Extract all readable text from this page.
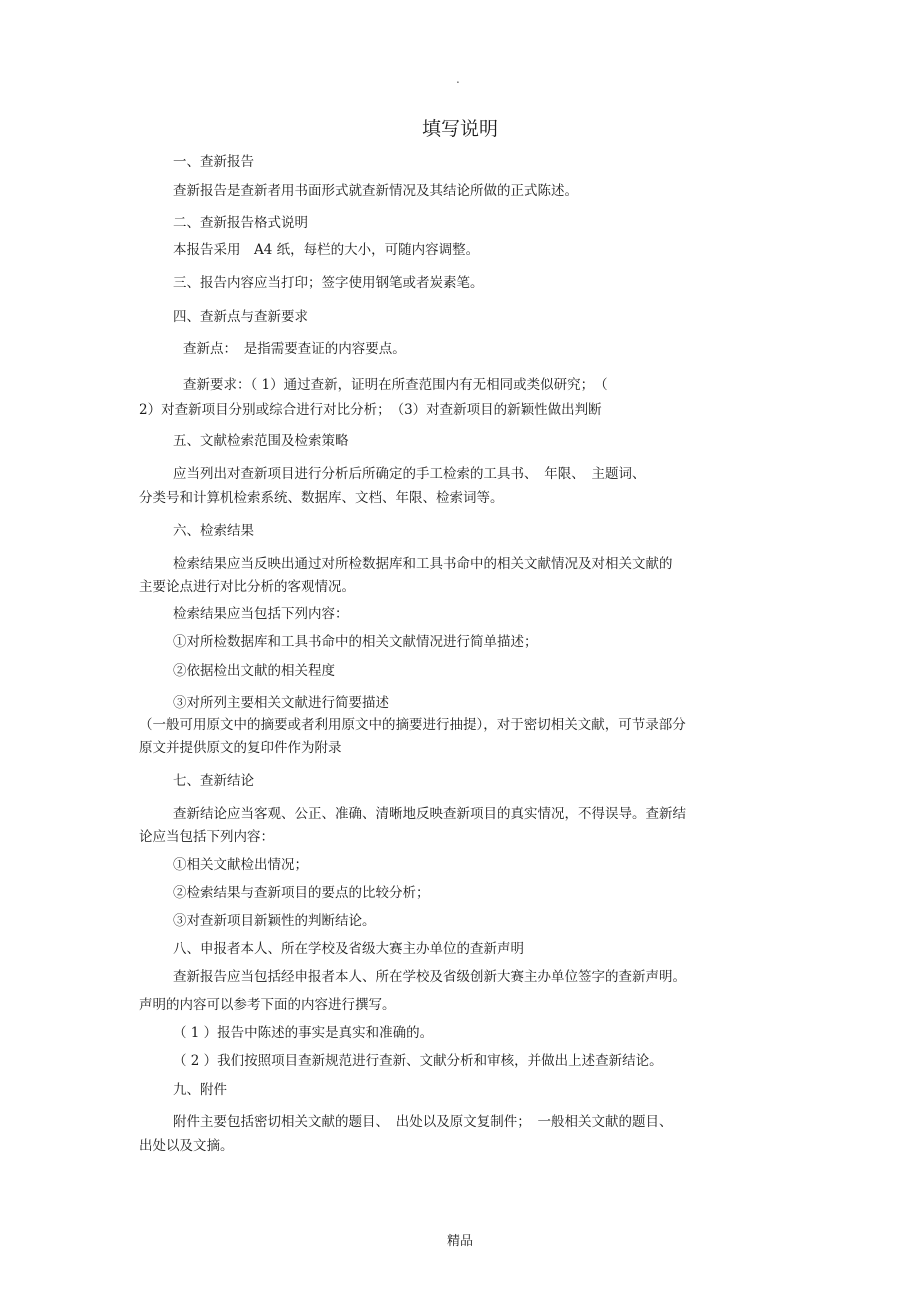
.
填写说明
一、查新报告
查新报告是查新者用书面形式就查新情况及其结论所做的正式陈述。
二、查新报告格式说明
本报告采用　A4 纸，每栏的大小，可随内容调整。
三、报告内容应当打印；签字使用钢笔或者炭素笔。
四、查新点与查新要求
查新点：　是指需要查证的内容要点。
查新要求：（ 1）通过查新，证明在所查范围内有无相同或类似研究；　（
2）对查新项目分别或综合进行对比分析；　（3）对查新项目的新颖性做出判断
五、文献检索范围及检索策略
应当列出对查新项目进行分析后所确定的手工检索的工具书、　年限、　主题词、
分类号和计算机检索系统、数据库、文档、年限、检索词等。
六、检索结果
检索结果应当反映出通过对所检数据库和工具书命中的相关文献情况及对相关文献的
主要论点进行对比分析的客观情况。
检索结果应当包括下列内容：
①对所检数据库和工具书命中的相关文献情况进行简单描述；
②依据检出文献的相关程度
③对所列主要相关文献进行简要描述
（一般可用原文中的摘要或者利用原文中的摘要进行抽提），对于密切相关文献，可节录部分
原文并提供原文的复印件作为附录
七、查新结论
查新结论应当客观、公正、准确、清晰地反映查新项目的真实情况，不得误导。查新结
论应当包括下列内容：
①相关文献检出情况；
②检索结果与查新项目的要点的比较分析；
③对查新项目新颖性的判断结论。
八、申报者本人、所在学校及省级大赛主办单位的查新声明
查新报告应当包括经申报者本人、所在学校及省级创新大赛主办单位签字的查新声明。
声明的内容可以参考下面的内容进行撰写。
（ 1 ）报告中陈述的事实是真实和准确的。
（ 2 ）我们按照项目查新规范进行查新、文献分析和审核，并做出上述查新结论。
九、附件
附件主要包括密切相关文献的题目、　出处以及原文复制件；　一般相关文献的题目、
出处以及文摘。
精品
